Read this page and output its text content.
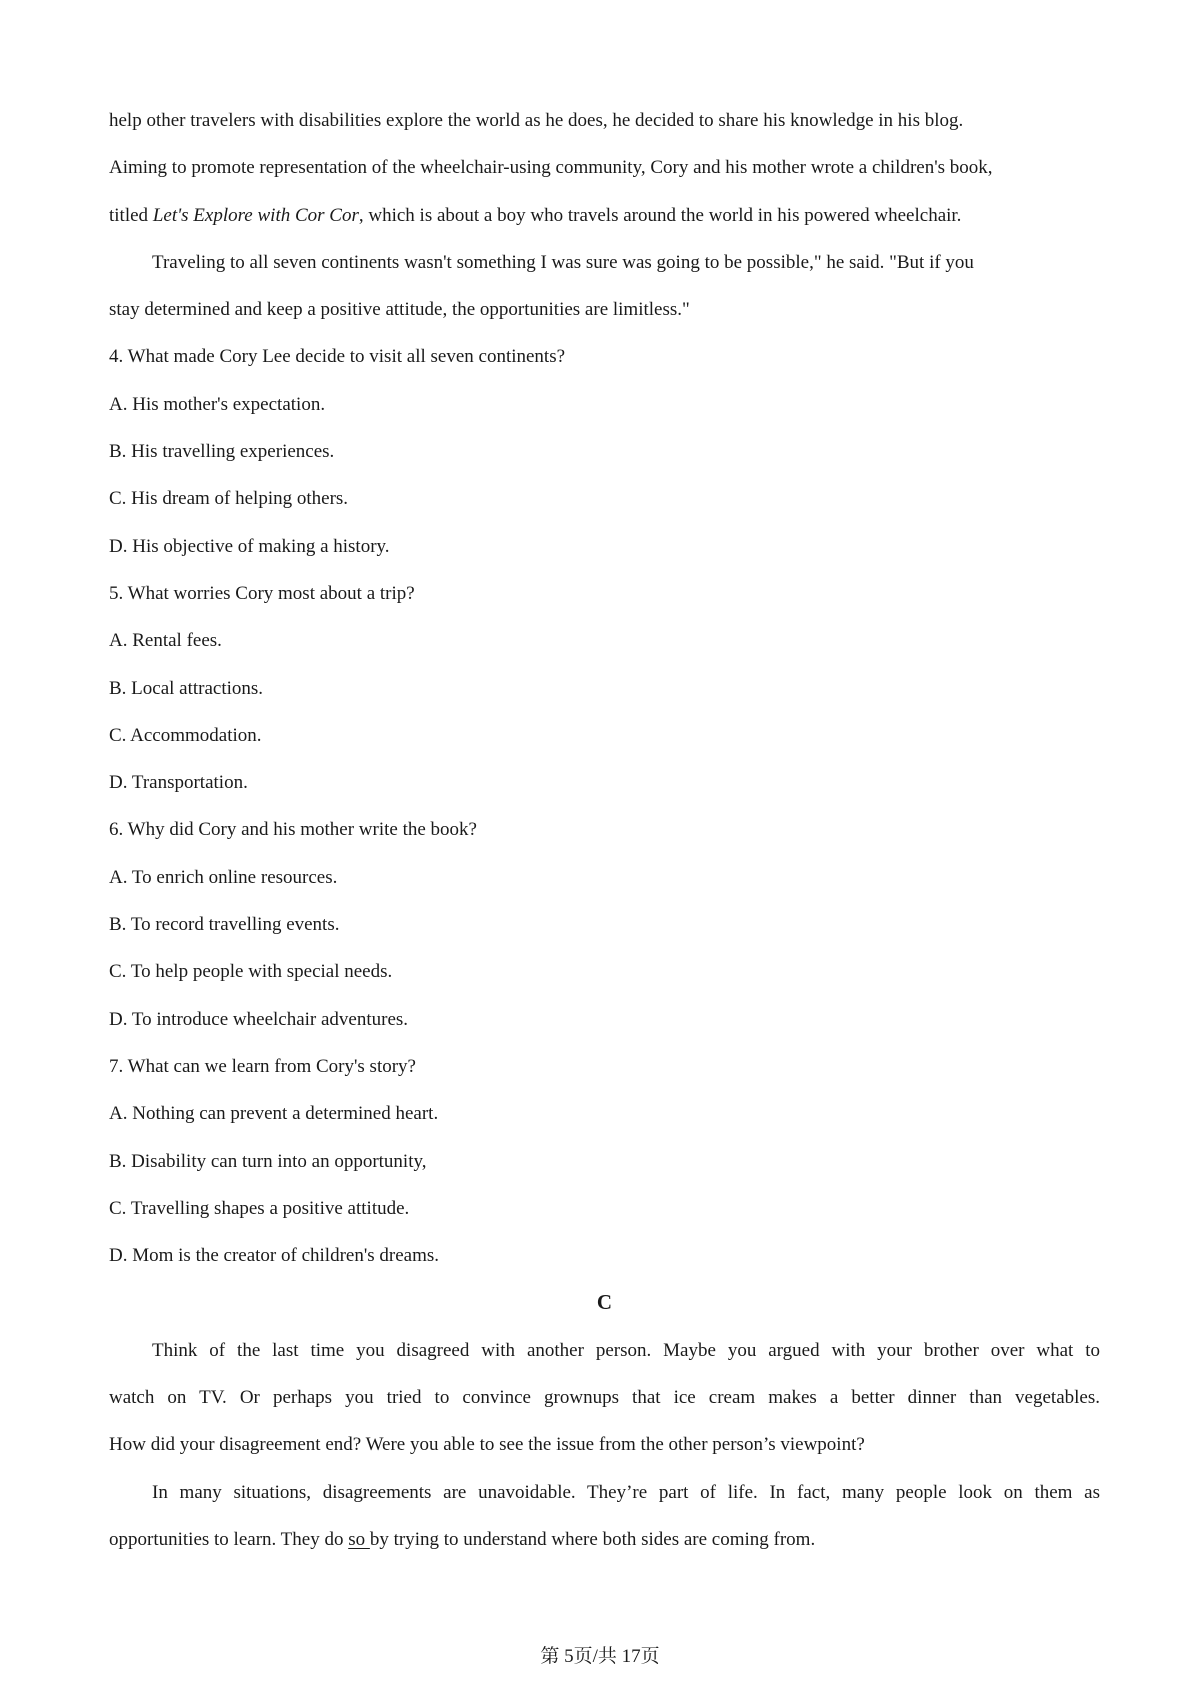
help other travelers with disabilities explore the world as he does, he decided to share his knowledge in his blog.
Aiming to promote representation of the wheelchair-using community, Cory and his mother wrote a children's book,
titled Let's Explore with Cor Cor, which is about a boy who travels around the world in his powered wheelchair.
Traveling to all seven continents wasn't something I was sure was going to be possible," he said. "But if you
stay determined and keep a positive attitude, the opportunities are limitless."
4. What made Cory Lee decide to visit all seven continents?
A. His mother's expectation.
B. His travelling experiences.
C. His dream of helping others.
D. His objective of making a history.
5. What worries Cory most about a trip?
A. Rental fees.
B. Local attractions.
C. Accommodation.
D. Transportation.
6. Why did Cory and his mother write the book?
A. To enrich online resources.
B. To record travelling events.
C. To help people with special needs.
D. To introduce wheelchair adventures.
7. What can we learn from Cory's story?
A. Nothing can prevent a determined heart.
B. Disability can turn into an opportunity,
C. Travelling shapes a positive attitude.
D. Mom is the creator of children's dreams.
C
Think of the last time you disagreed with another person. Maybe you argued with your brother over what to
watch on TV. Or perhaps you tried to convince grownups that ice cream makes a better dinner than vegetables.
How did your disagreement end? Were you able to see the issue from the other person’s viewpoint?
In many situations, disagreements are unavoidable. They’re part of life. In fact, many people look on them as
opportunities to learn. They do so by trying to understand where both sides are coming from.
第 5页/共 17页
